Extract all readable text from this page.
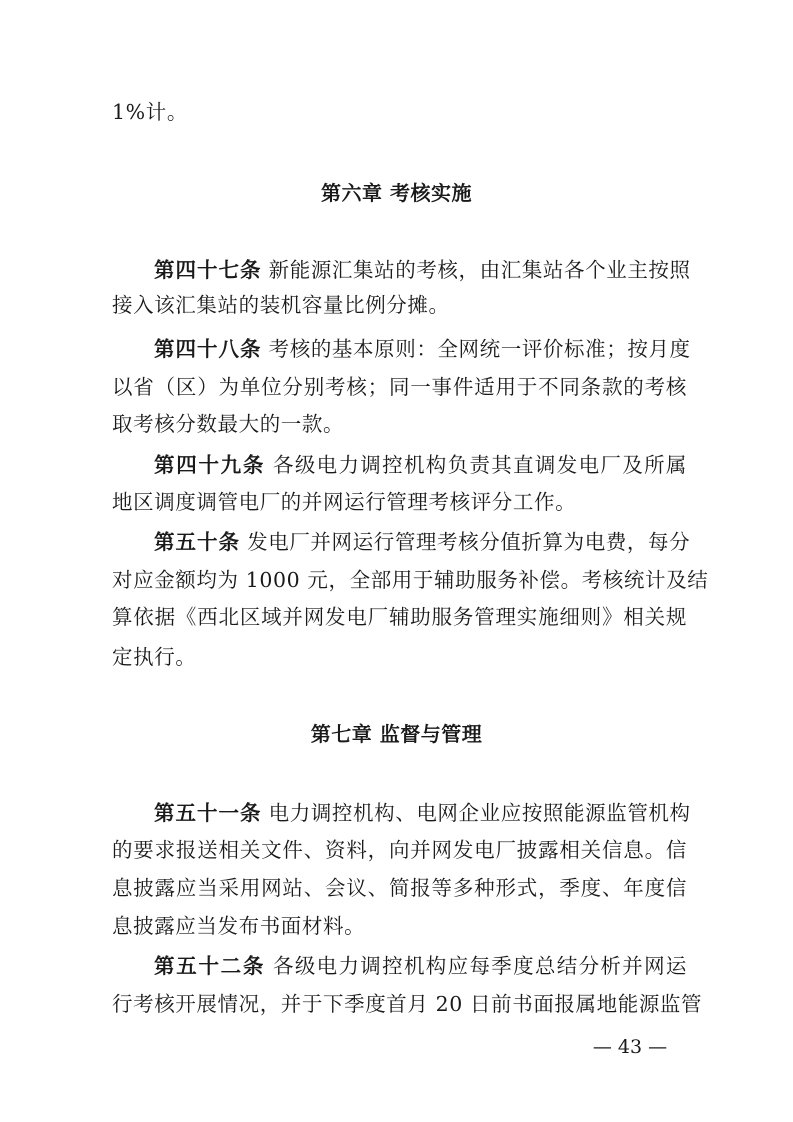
1%计。
第六章 考核实施
第四十七条 新能源汇集站的考核，由汇集站各个业主按照
接入该汇集站的装机容量比例分摊。
第四十八条 考核的基本原则：全网统一评价标准；按月度
以省（区）为单位分别考核；同一事件适用于不同条款的考核
取考核分数最大的一款。
第四十九条 各级电力调控机构负责其直调发电厂及所属
地区调度调管电厂的并网运行管理考核评分工作。
第五十条 发电厂并网运行管理考核分值折算为电费，每分
对应金额均为 1000 元，全部用于辅助服务补偿。考核统计及结
算依据《西北区域并网发电厂辅助服务管理实施细则》相关规
定执行。
第七章 监督与管理
第五十一条 电力调控机构、电网企业应按照能源监管机构
的要求报送相关文件、资料，向并网发电厂披露相关信息。信
息披露应当采用网站、会议、简报等多种形式，季度、年度信
息披露应当发布书面材料。
第五十二条 各级电力调控机构应每季度总结分析并网运
行考核开展情况，并于下季度首月 20 日前书面报属地能源监管
— 43 —
